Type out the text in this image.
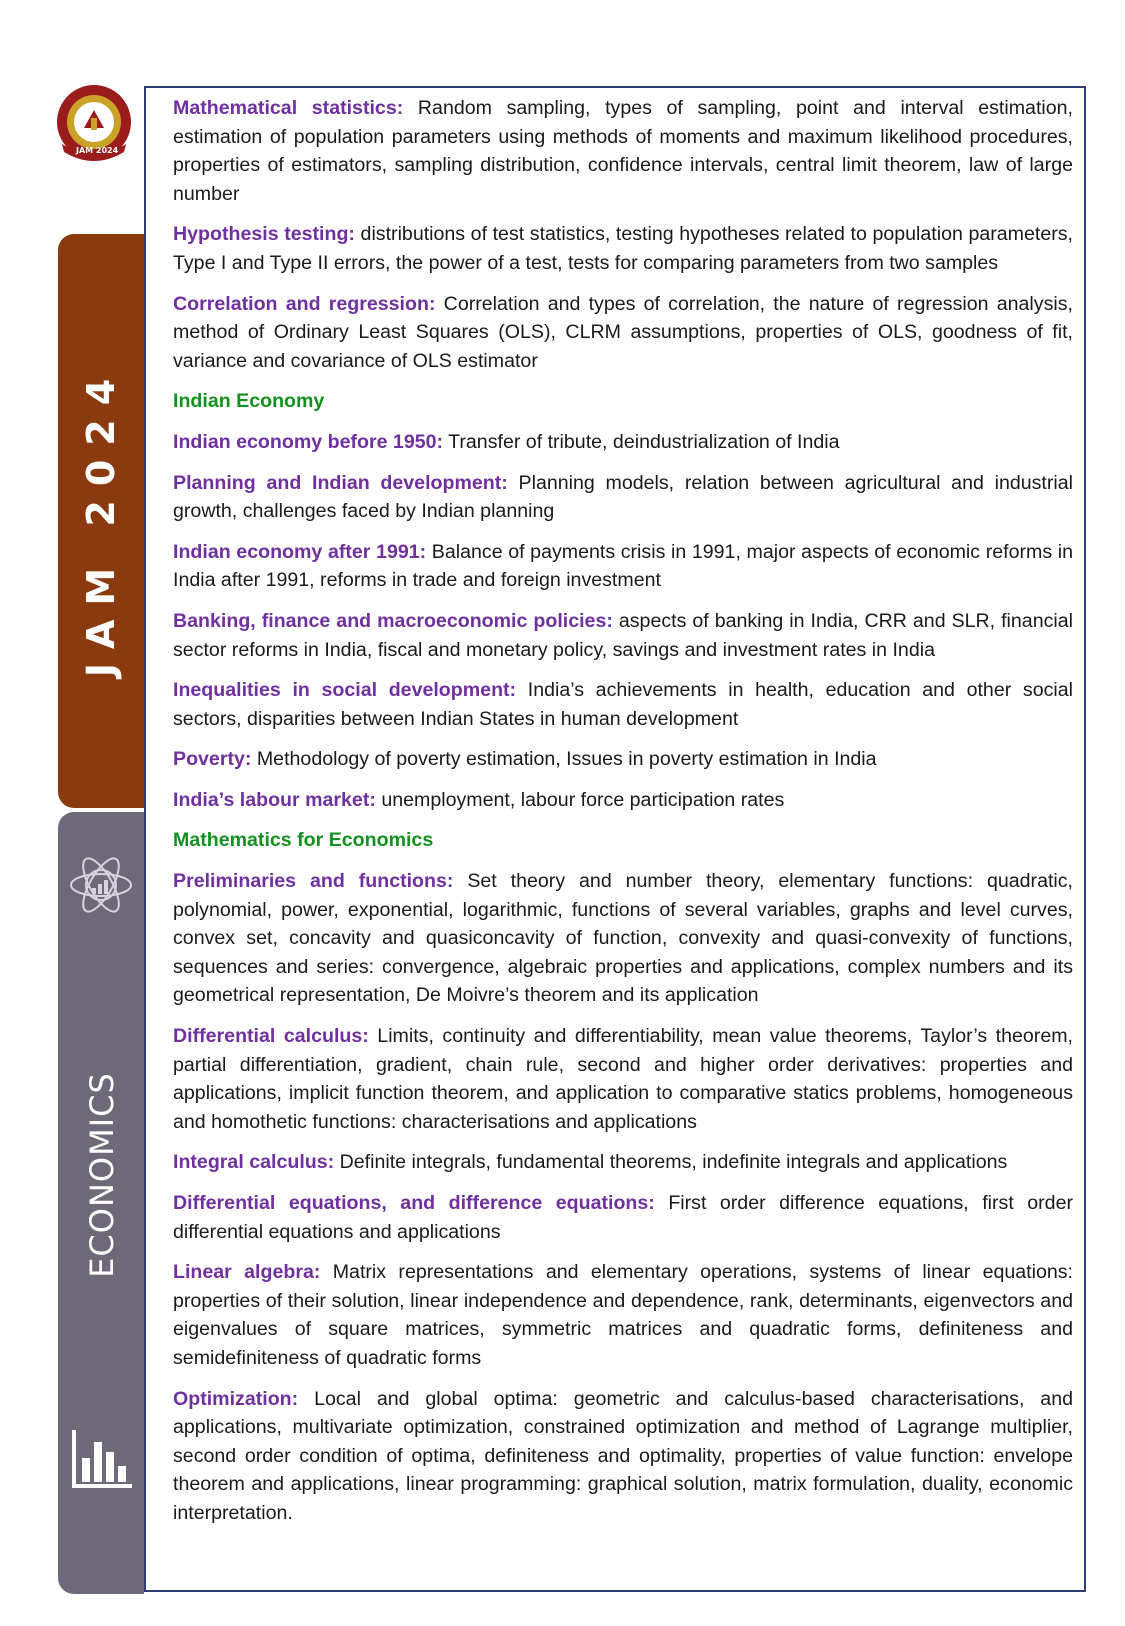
JAM 2024
JAM 2024
ECONOMICS

Mathematical statistics: Random sampling, types of sampling, point and interval estimation, estimation of population parameters using methods of moments and maximum likelihood procedures, properties of estimators, sampling distribution, confidence intervals, central limit theorem, law of large number

Hypothesis testing: distributions of test statistics, testing hypotheses related to population parameters, Type I and Type II errors, the power of a test, tests for comparing parameters from two samples

Correlation and regression: Correlation and types of correlation, the nature of regression analysis, method of Ordinary Least Squares (OLS), CLRM assumptions, properties of OLS, goodness of fit, variance and covariance of OLS estimator

Indian Economy

Indian economy before 1950: Transfer of tribute, deindustrialization of India

Planning and Indian development: Planning models, relation between agricultural and industrial growth, challenges faced by Indian planning

Indian economy after 1991: Balance of payments crisis in 1991, major aspects of economic reforms in India after 1991, reforms in trade and foreign investment

Banking, finance and macroeconomic policies: aspects of banking in India, CRR and SLR, financial sector reforms in India, fiscal and monetary policy, savings and investment rates in India

Inequalities in social development: India’s achievements in health, education and other social sectors, disparities between Indian States in human development

Poverty: Methodology of poverty estimation, Issues in poverty estimation in India

India’s labour market: unemployment, labour force participation rates

Mathematics for Economics

Preliminaries and functions: Set theory and number theory, elementary functions: quadratic, polynomial, power, exponential, logarithmic, functions of several variables, graphs and level curves, convex set, concavity and quasiconcavity of function, convexity and quasi-convexity of functions, sequences and series: convergence, algebraic properties and applications, complex numbers and its geometrical representation, De Moivre’s theorem and its application

Differential calculus: Limits, continuity and differentiability, mean value theorems, Taylor’s theorem, partial differentiation, gradient, chain rule, second and higher order derivatives: properties and applications, implicit function theorem, and application to comparative statics problems, homogeneous and homothetic functions: characterisations and applications

Integral calculus: Definite integrals, fundamental theorems, indefinite integrals and applications

Differential equations, and difference equations: First order difference equations, first order differential equations and applications

Linear algebra: Matrix representations and elementary operations, systems of linear equations: properties of their solution, linear independence and dependence, rank, determinants, eigenvectors and eigenvalues of square matrices, symmetric matrices and quadratic forms, definiteness and semidefiniteness of quadratic forms

Optimization: Local and global optima: geometric and calculus-based characterisations, and applications, multivariate optimization, constrained optimization and method of Lagrange multiplier, second order condition of optima, definiteness and optimality, properties of value function: envelope theorem and applications, linear programming: graphical solution, matrix formulation, duality, economic interpretation.
